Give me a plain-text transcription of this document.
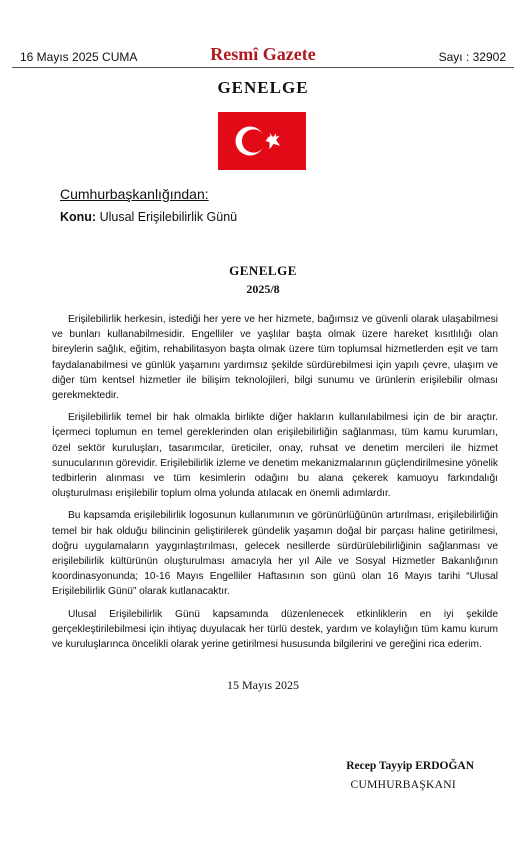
16 Mayıs 2025 CUMA	Resmî Gazete	Sayı : 32902
GENELGE
Cumhurbaşkanlığından:
Konu: Ulusal Erişilebilirlik Günü
GENELGE
2025/8

Erişilebilirlik herkesin, istediği her yere ve her hizmete, bağımsız ve güvenli olarak ulaşabilmesi ve bunları kullanabilmesidir. Engelliler ve yaşlılar başta olmak üzere hareket kısıtlılığı olan bireylerin sağlık, eğitim, rehabilitasyon başta olmak üzere tüm toplumsal hizmetlerden eşit ve tam faydalanabilmesi ve günlük yaşamını yardımsız şekilde sürdürebilmesi için yapılı çevre, ulaşım ve diğer tüm kentsel hizmetler ile bilişim teknolojileri, bilgi sunumu ve ürünlerin erişilebilir olması gerekmektedir.

Erişilebilirlik temel bir hak olmakla birlikte diğer hakların kullanılabilmesi için de bir araçtır. İçermeci toplumun en temel gereklerinden olan erişilebilirliğin sağlanması, tüm kamu kurumları, özel sektör kuruluşları, tasarımcılar, üreticiler, onay, ruhsat ve denetim mercileri ile hizmet sunucularının görevidir. Erişilebilirlik izleme ve denetim mekanizmalarının güçlendirilmesine yönelik tedbirlerin alınması ve tüm kesimlerin odağını bu alana çekerek kamuoyu farkındalığı oluşturulması erişilebilir toplum olma yolunda atılacak en önemli adımlardır.

Bu kapsamda erişilebilirlik logosunun kullanımının ve görünürlüğünün artırılması, erişilebilirliğin temel bir hak olduğu bilincinin geliştirilerek gündelik yaşamın doğal bir parçası haline getirilmesi, doğru uygulamaların yaygınlaştırılması, gelecek nesillerde sürdürülebilirliğinin sağlanması ve erişilebilirlik kültürünün oluşturulması amacıyla her yıl Aile ve Sosyal Hizmetler Bakanlığının koordinasyonunda; 10-16 Mayıs Engelliler Haftasının son günü olan 16 Mayıs tarihi “Ulusal Erişilebilirlik Günü” olarak kutlanacaktır.

Ulusal Erişilebilirlik Günü kapsamında düzenlenecek etkinliklerin en iyi şekilde gerçekleştirilebilmesi için ihtiyaç duyulacak her türlü destek, yardım ve kolaylığın tüm kamu kurum ve kuruluşlarınca öncelikli olarak yerine getirilmesi hususunda bilgilerini ve gereğini rica ederim.

15 Mayıs 2025
Recep Tayyip ERDOĞAN
CUMHURBAŞKANI
